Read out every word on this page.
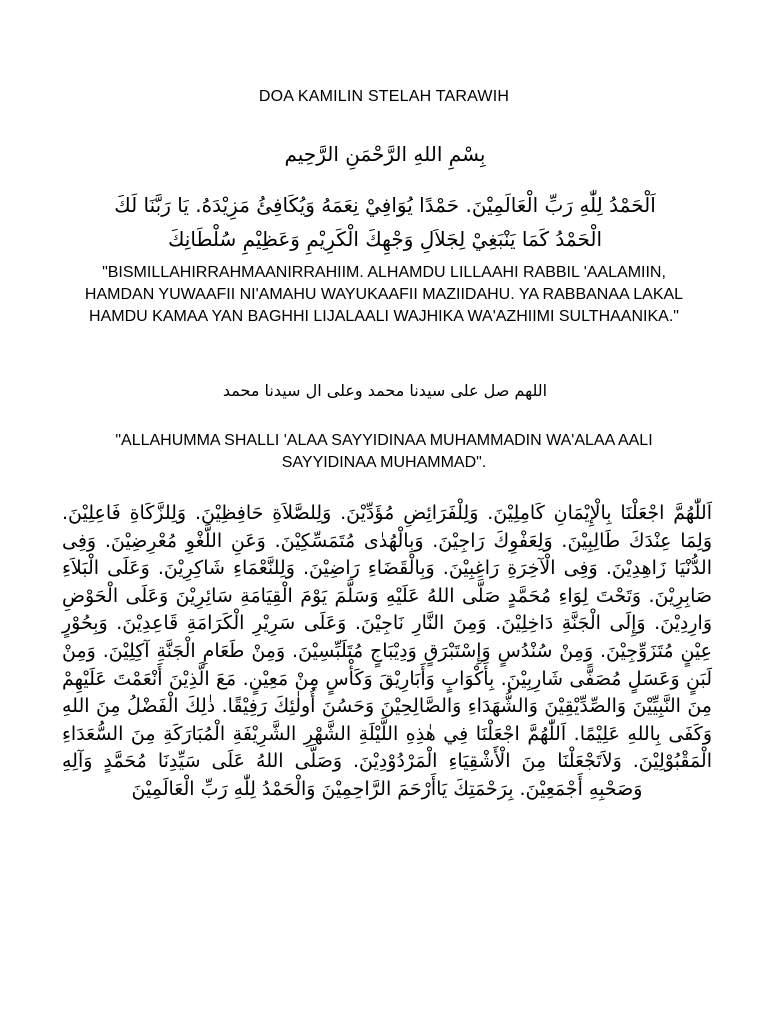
DOA KAMILIN STELAH TARAWIH
بِسْمِ اللهِ الرَّحْمَنِ الرَّحِيم
اَلْحَمْدُ لِلّٰهِ رَبِّ الْعَالَمِيْنَ. حَمْدًا يُوَافِيْ نِعَمَهُ وَيُكَافِئُ مَزِيْدَهُ. يَا رَبَّنَا لَكَ الْحَمْدُ كَمَا يَنْبَغِيْ لِجَلاَلِ وَجْهِكَ الْكَرِيْمِ وَعَظِيْمِ سُلْطَانِكَ
"BISMILLAHIRRAHMAANIRRAHIIM. ALHAMDU LILLAAHI RABBIL 'AALAMIIN, HAMDAN YUWAAFII NI'AMAHU WAYUKAAFII MAZIIDAHU. YA RABBANAA LAKAL HAMDU KAMAA YAN BAGHHI LIJALAALI WAJHIKA WA'AZHIIMI SULTHAANIKA."
اللهم صل على سيدنا محمد وعلى ال سيدنا محمد
"ALLAHUMMA SHALLI 'ALAA SAYYIDINAA MUHAMMADIN WA'ALAA AALI SAYYIDINAA MUHAMMAD".
اَللّٰهُمَّ اجْعَلْنَا بِالْإِيْمَانِ كَامِلِيْنَ. وَلِلْفَرَائِضِ مُؤَدِّيْنَ. وَلِلصَّلاَةِ حَافِظِيْنَ. وَلِلزَّكَاةِ فَاعِلِيْنَ. وَلِمَا عِنْدَكَ طَالِبِيْنَ. وَلِعَفْوِكَ رَاجِيْنَ. وَبِالْهُدٰى مُتَمَسِّكِيْنَ. وَعَنِ اللَّغْوِ مُعْرِضِيْنَ. وَفِى الدُّنْيَا زَاهِدِيْنَ. وَفِى الْآخِرَةِ رَاغِبِيْنَ. وَبِالْقَضَاءِ رَاضِيْنَ. وَلِلنَّعْمَاءِ شَاكِرِيْنَ. وَعَلَى الْبَلاَءِ صَابِرِيْنَ. وَتَحْتَ لِوَاءِ مُحَمَّدٍ صَلَّى اللهُ عَلَيْهِ وَسَلَّمَ يَوْمَ الْقِيَامَةِ سَائِرِيْنَ وَعَلَى الْحَوْضِ وَارِدِيْنَ. وَإِلَى الْجَنَّةِ دَاخِلِيْنَ. وَمِنَ النَّارِ نَاجِيْنَ. وَعَلَى سَرِيْرِ الْكَرَامَةِ قَاعِدِيْنَ. وَبِحُوْرٍ عِيْنٍ مُتَزَوِّجِيْنَ. وَمِنْ سُنْدُسٍ وَإِسْتَبْرَقٍ وَدِيْبَاجٍ مُتَلَبِّسِيْنَ. وَمِنْ طَعَامِ الْجَنَّةِ آكِلِيْنَ. وَمِنْ لَبَنٍ وَعَسَلٍ مُصَفًّى شَارِبِيْنَ. بِأَكْوَابٍ وَأَبَارِيْقَ وَكَأْسٍ مِنْ مَعِيْنٍ. مَعَ الَّذِيْنَ أَنْعَمْتَ عَلَيْهِمْ مِنَ النَّبِيِّيْنَ وَالصِّدِّيْقِيْنَ وَالشُّهَدَاءِ وَالصَّالِحِيْنَ وَحَسُنَ أُولٰئِكَ رَفِيْقًا. ذٰلِكَ الْفَضْلُ مِنَ اللهِ وَكَفَى بِاللهِ عَلِيْمًا. اَللّٰهُمَّ اجْعَلْنَا فِي هٰذِهِ اللَّيْلَةِ الشَّهْرِ الشَّرِيْفَةِ الْمُبَارَكَةِ مِنَ السُّعَدَاءِ الْمَقْبُوْلِيْنَ. وَلاَتَجْعَلْنَا مِنَ الْأَشْقِيَاءِ الْمَرْدُوْدِيْنَ. وَصَلَّى اللهُ عَلَى سَيِّدِنَا مُحَمَّدٍ وَآلِهِ وَصَحْبِهِ أَجْمَعِيْنَ. بِرَحْمَتِكَ يَاأَرْحَمَ الرَّاحِمِيْنَ وَالْحَمْدُ لِلّٰهِ رَبِّ الْعَالَمِيْنَ
